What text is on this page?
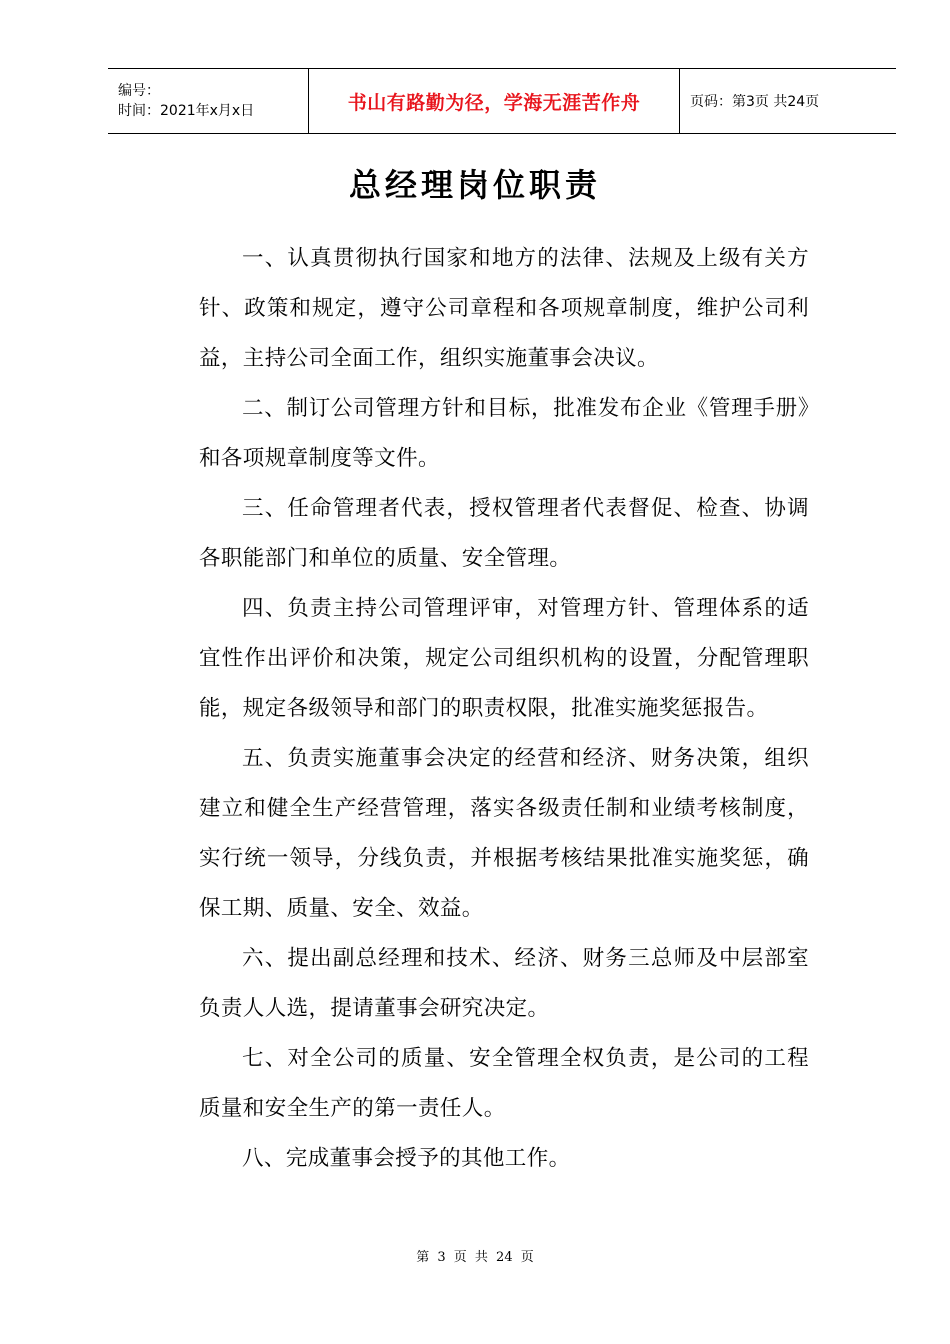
编号：
时间：2021年x月x日	书山有路勤为径，学海无涯苦作舟	页码：第3页 共24页
总经理岗位职责

一、认真贯彻执行国家和地方的法律、法规及上级有关方针、政策和规定，遵守公司章程和各项规章制度，维护公司利益，主持公司全面工作，组织实施董事会决议。

二、制订公司管理方针和目标，批准发布企业《管理手册》和各项规章制度等文件。

三、任命管理者代表，授权管理者代表督促、检查、协调各职能部门和单位的质量、安全管理。

四、负责主持公司管理评审，对管理方针、管理体系的适宜性作出评价和决策，规定公司组织机构的设置，分配管理职能，规定各级领导和部门的职责权限，批准实施奖惩报告。

五、负责实施董事会决定的经营和经济、财务决策，组织建立和健全生产经营管理，落实各级责任制和业绩考核制度，实行统一领导，分线负责，并根据考核结果批准实施奖惩，确保工期、质量、安全、效益。

六、提出副总经理和技术、经济、财务三总师及中层部室负责人人选，提请董事会研究决定。

七、对全公司的质量、安全管理全权负责，是公司的工程质量和安全生产的第一责任人。

八、完成董事会授予的其他工作。

第 3 页 共 24 页
